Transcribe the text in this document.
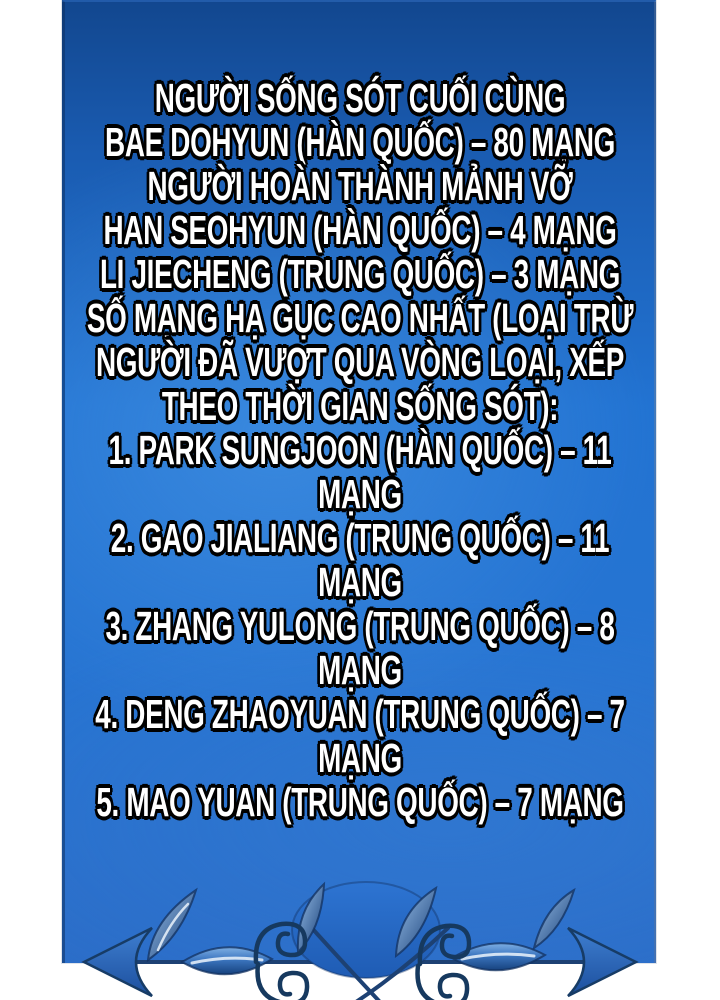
NGƯỜI SỐNG SÓT CUỐI CÙNG
BAE DOHYUN (HÀN QUỐC) – 80 MẠNG
NGƯỜI HOÀN THÀNH MẢNH VỠ
HAN SEOHYUN (HÀN QUỐC) – 4 MẠNG
LI JIECHENG (TRUNG QUỐC) – 3 MẠNG
SỐ MẠNG HẠ GỤC CAO NHẤT (LOẠI TRỪ
NGƯỜI ĐÃ VƯỢT QUA VÒNG LOẠI, XẾP
THEO THỜI GIAN SỐNG SÓT):
1. PARK SUNGJOON (HÀN QUỐC) – 11
MẠNG
2. GAO JIALIANG (TRUNG QUỐC) – 11
MẠNG
3. ZHANG YULONG (TRUNG QUỐC) – 8
MẠNG
4. DENG ZHAOYUAN (TRUNG QUỐC) – 7
MẠNG
5. MAO YUAN (TRUNG QUỐC) – 7 MẠNG
